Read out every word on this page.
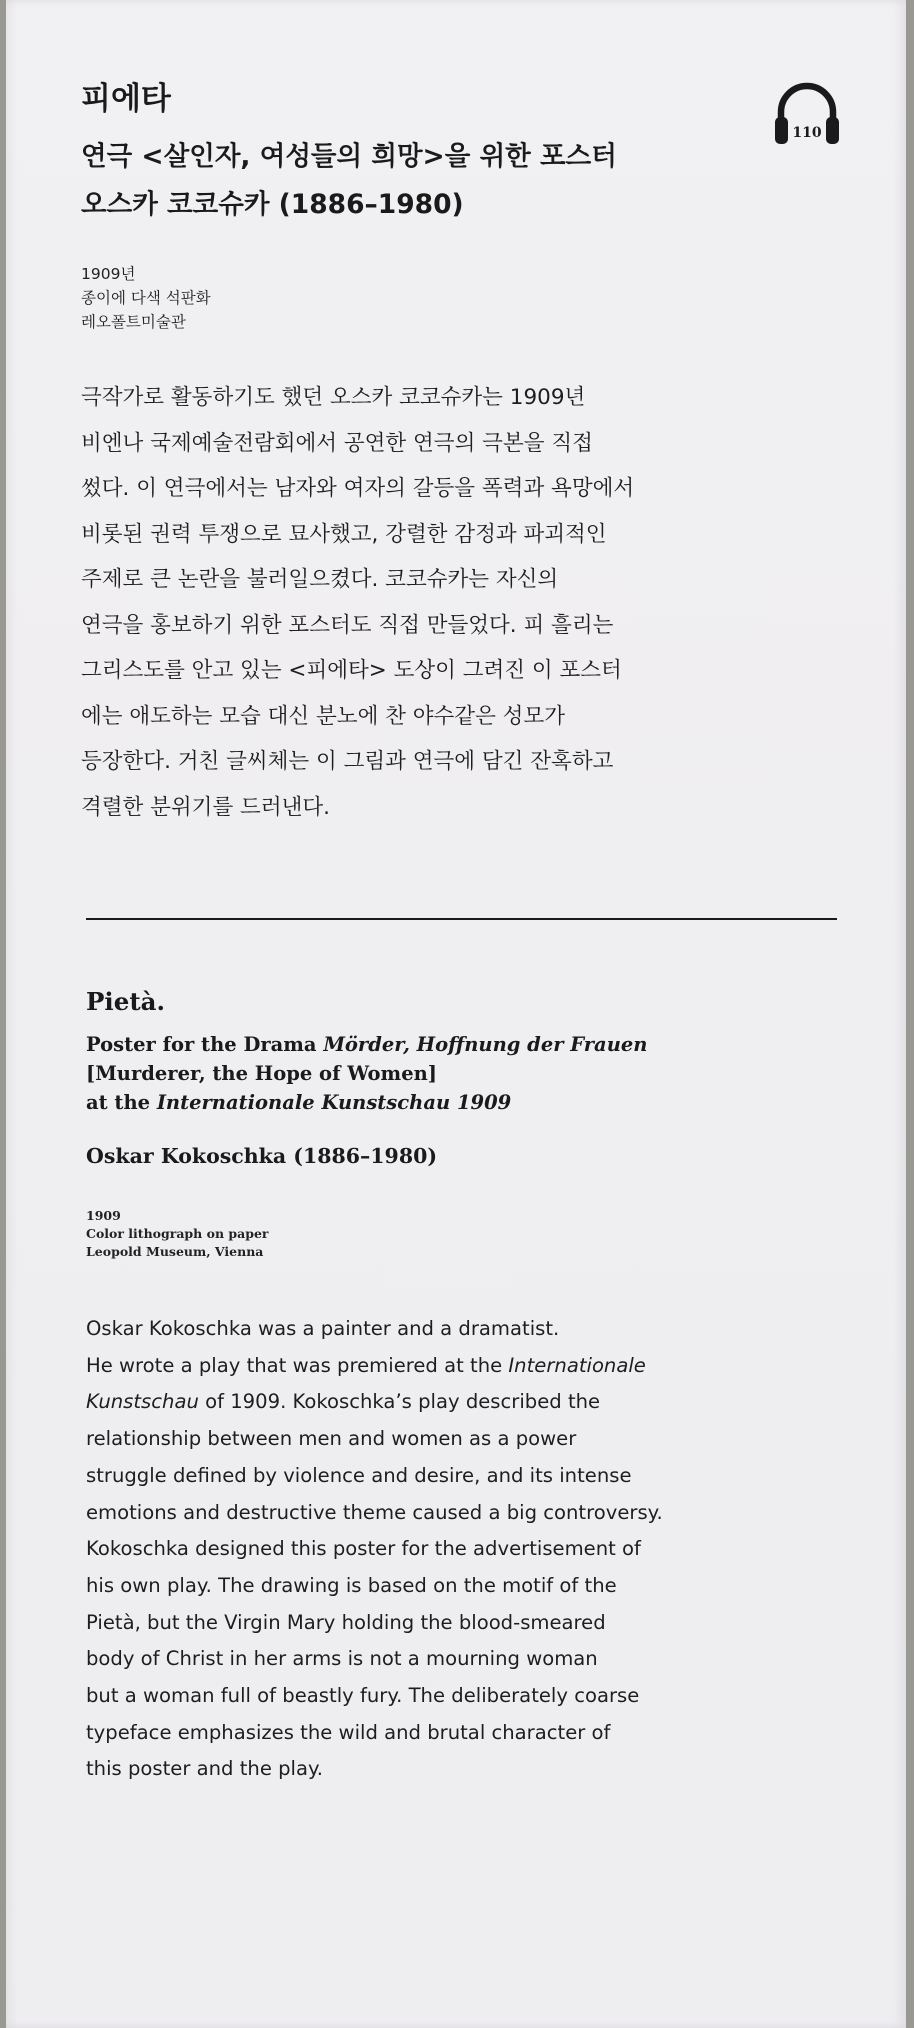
피에타
연극 <살인자, 여성들의 희망>을 위한 포스터
오스카 코코슈카 (1886–1980)
110
1909년
종이에 다색 석판화
레오폴트미술관
극작가로 활동하기도 했던 오스카 코코슈카는 1909년
비엔나 국제예술전람회에서 공연한 연극의 극본을 직접
썼다. 이 연극에서는 남자와 여자의 갈등을 폭력과 욕망에서
비롯된 권력 투쟁으로 묘사했고, 강렬한 감정과 파괴적인
주제로 큰 논란을 불러일으켰다. 코코슈카는 자신의
연극을 홍보하기 위한 포스터도 직접 만들었다. 피 흘리는
그리스도를 안고 있는 <피에타> 도상이 그려진 이 포스터
에는 애도하는 모습 대신 분노에 찬 야수같은 성모가
등장한다. 거친 글씨체는 이 그림과 연극에 담긴 잔혹하고
격렬한 분위기를 드러낸다.
Pietà.
Poster for the Drama Mörder, Hoffnung der Frauen
[Murderer, the Hope of Women]
at the Internationale Kunstschau 1909
Oskar Kokoschka (1886–1980)
1909
Color lithograph on paper
Leopold Museum, Vienna
Oskar Kokoschka was a painter and a dramatist.
He wrote a play that was premiered at the Internationale
Kunstschau of 1909. Kokoschka’s play described the
relationship between men and women as a power
struggle defined by violence and desire, and its intense
emotions and destructive theme caused a big controversy.
Kokoschka designed this poster for the advertisement of
his own play. The drawing is based on the motif of the
Pietà, but the Virgin Mary holding the blood-smeared
body of Christ in her arms is not a mourning woman
but a woman full of beastly fury. The deliberately coarse
typeface emphasizes the wild and brutal character of
this poster and the play.
